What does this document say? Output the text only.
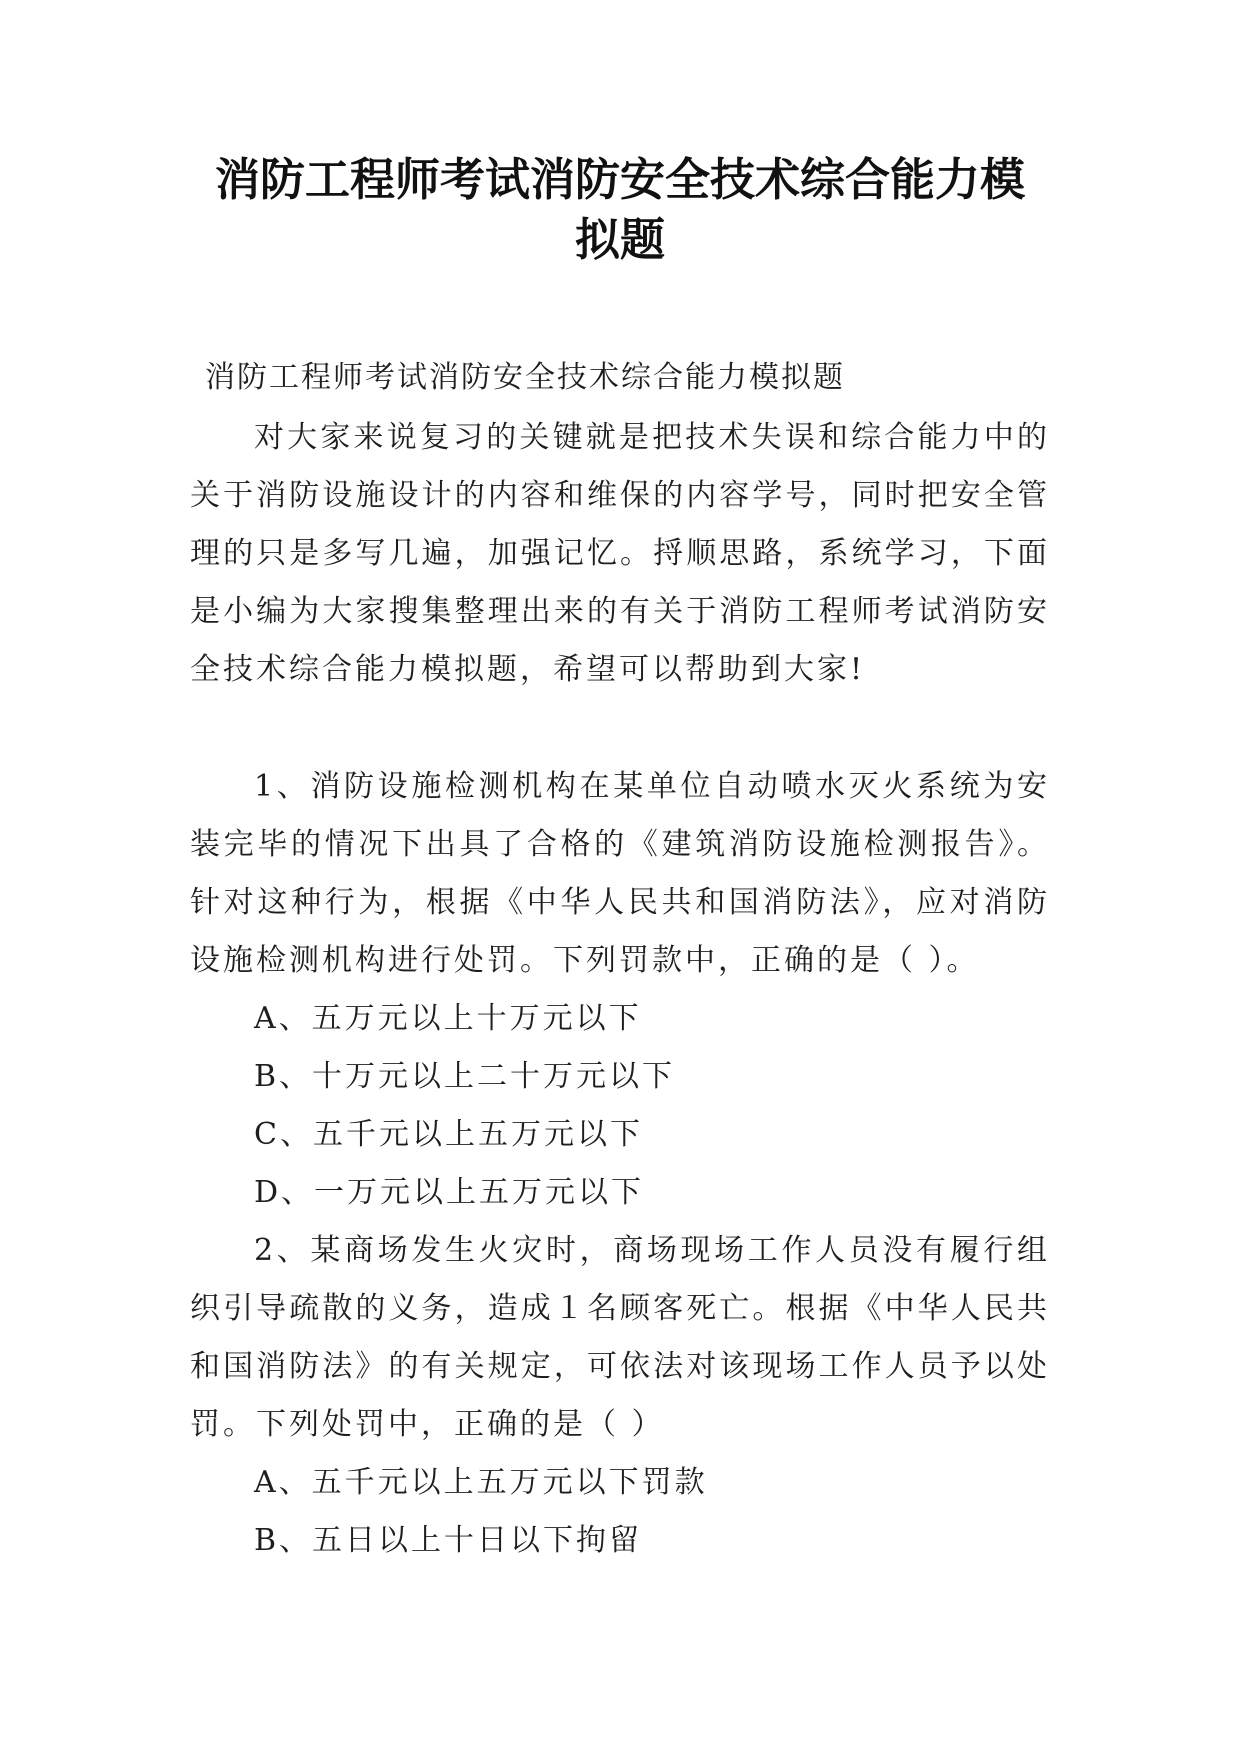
消防工程师考试消防安全技术综合能力模
拟题
消防工程师考试消防安全技术综合能力模拟题

对大家来说复习的关键就是把技术失误和综合能力中的关于消防设施设计的内容和维保的内容学号，同时把安全管理的只是多写几遍，加强记忆。捋顺思路，系统学习，下面是小编为大家搜集整理出来的有关于消防工程师考试消防安全技术综合能力模拟题，希望可以帮助到大家!

1、消防设施检测机构在某单位自动喷水灭火系统为安装完毕的情况下出具了合格的《建筑消防设施检测报告》。针对这种行为，根据《中华人民共和国消防法》，应对消防设施检测机构进行处罚。下列罚款中，正确的是（ ）。

A、五万元以上十万元以下

B、十万元以上二十万元以下

C、五千元以上五万元以下

D、一万元以上五万元以下

2、某商场发生火灾时，商场现场工作人员没有履行组织引导疏散的义务，造成１名顾客死亡。根据《中华人民共和国消防法》的有关规定，可依法对该现场工作人员予以处罚。下列处罚中，正确的是（ ）

A、五千元以上五万元以下罚款

B、五日以上十日以下拘留
